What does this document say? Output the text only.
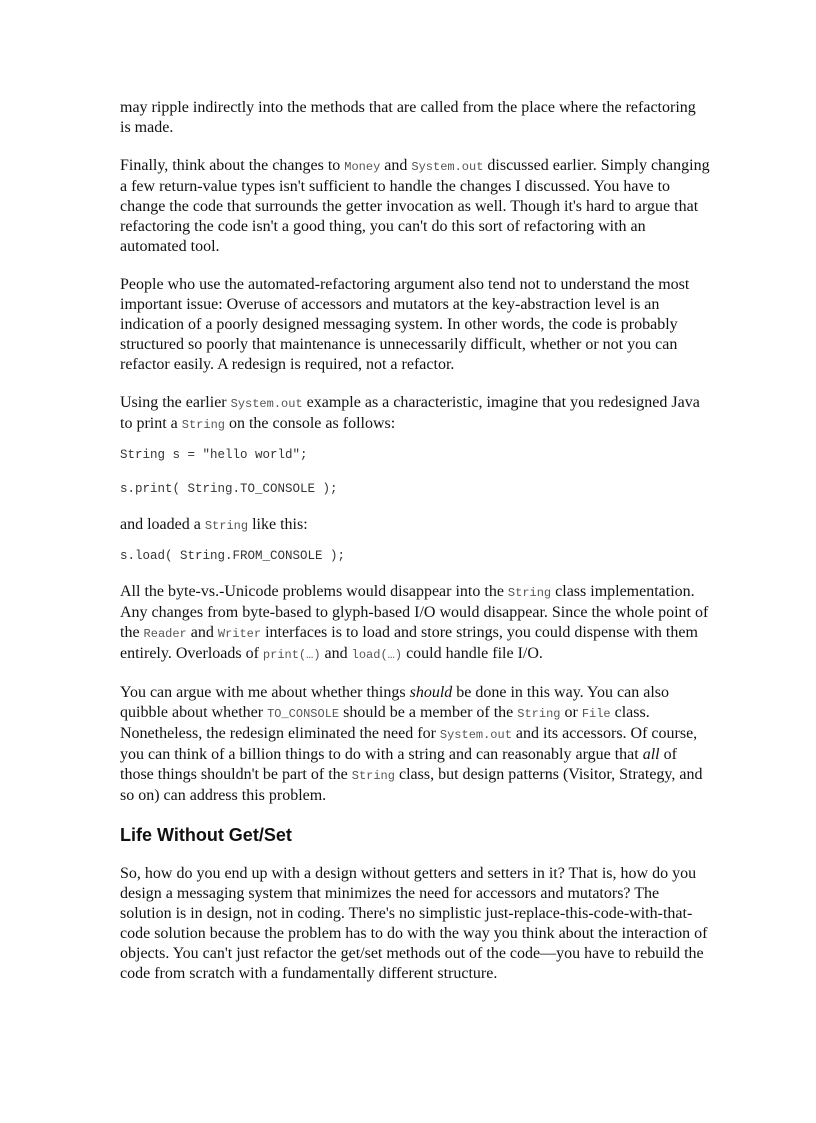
may ripple indirectly into the methods that are called from the place where the refactoring is made.

Finally, think about the changes to Money and System.out discussed earlier. Simply changing a few return-value types isn't sufficient to handle the changes I discussed. You have to change the code that surrounds the getter invocation as well. Though it's hard to argue that refactoring the code isn't a good thing, you can't do this sort of refactoring with an automated tool.

People who use the automated-refactoring argument also tend not to understand the most important issue: Overuse of accessors and mutators at the key-abstraction level is an indication of a poorly designed messaging system. In other words, the code is probably structured so poorly that maintenance is unnecessarily difficult, whether or not you can refactor easily. A redesign is required, not a refactor.

Using the earlier System.out example as a characteristic, imagine that you redesigned Java to print a String on the console as follows:

String s = "hello world";
s.print( String.TO_CONSOLE );

and loaded a String like this:

s.load( String.FROM_CONSOLE );

All the byte-vs.-Unicode problems would disappear into the String class implementation. Any changes from byte-based to glyph-based I/O would disappear. Since the whole point of the Reader and Writer interfaces is to load and store strings, you could dispense with them entirely. Overloads of print(…) and load(…) could handle file I/O.

You can argue with me about whether things should be done in this way. You can also quibble about whether TO_CONSOLE should be a member of the String or File class. Nonetheless, the redesign eliminated the need for System.out and its accessors. Of course, you can think of a billion things to do with a string and can reasonably argue that all of those things shouldn't be part of the String class, but design patterns (Visitor, Strategy, and so on) can address this problem.

Life Without Get/Set

So, how do you end up with a design without getters and setters in it? That is, how do you design a messaging system that minimizes the need for accessors and mutators? The solution is in design, not in coding. There's no simplistic just-replace-this-code-with-that-code solution because the problem has to do with the way you think about the interaction of objects. You can't just refactor the get/set methods out of the code—you have to rebuild the code from scratch with a fundamentally different structure.
